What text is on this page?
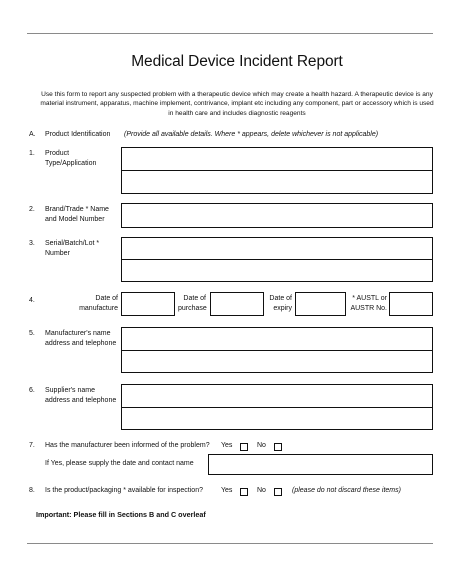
Medical Device Incident Report
Use this form to report any suspected problem with a therapeutic device which may create a health hazard. A therapeutic device is any material instrument, apparatus, machine implement, contrivance, implant etc including any component, part or accessory which is used in health care and includes diagnostic reagents
A. Product Identification (Provide all available details. Where * appears, delete whichever is not applicable)
1. Product Type/Application
2. Brand/Trade * Name and Model Number
3. Serial/Batch/Lot *
Number
4.	Date of manufacture
Date of purchase
Date of expiry
* AUSTL or AUSTR No.
5. Manufacturer's name address and telephone
6. Supplier's name address and telephone
7. Has the manufacturer been informed of the problem? Yes	No
If Yes, please supply the date and contact name
8. Is the product/packaging * available for inspection?	Yes	No	(please do not discard these items)
Important: Please fill in Sections B and C overleaf
